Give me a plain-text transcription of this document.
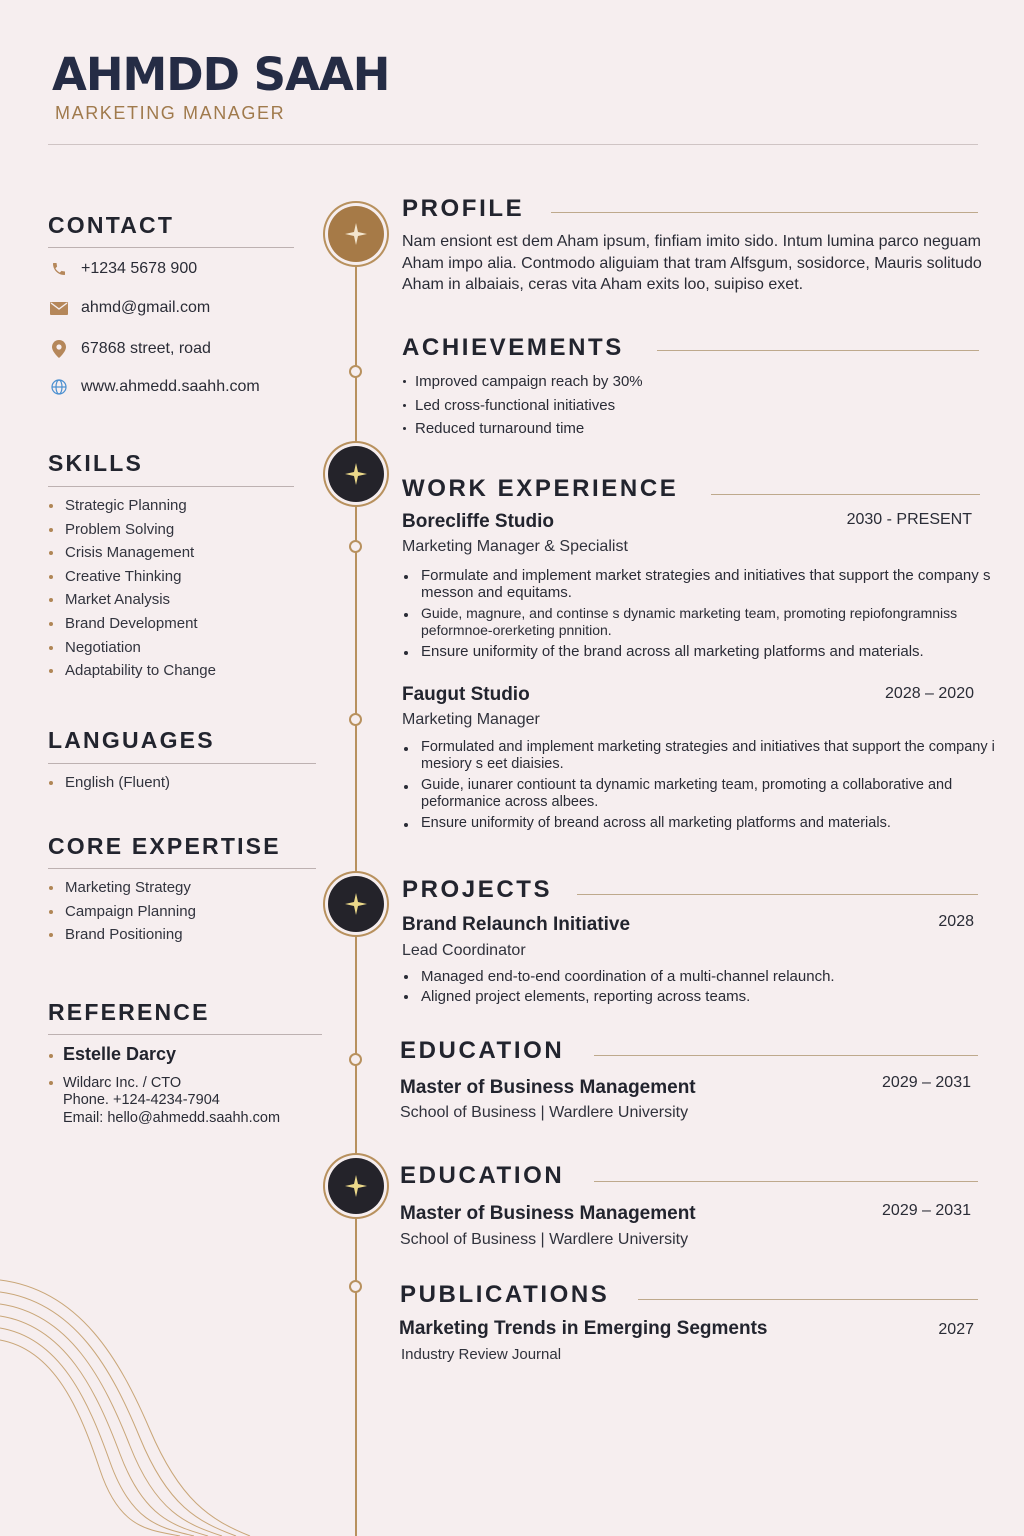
AHMDD SAAH
MARKETING MANAGER
CONTACT
+1234 5678 900
ahmd@gmail.com
67868 street, road
www.ahmedd.saahh.com
SKILLS
Strategic Planning
Problem Solving
Crisis Management
Creative Thinking
Market Analysis
Brand Development
Negotiation
Adaptability to Change
LANGUAGES
English (Fluent)
CORE EXPERTISE
Marketing Strategy
Campaign Planning
Brand Positioning
REFERENCE
Estelle Darcy
Wildarc Inc. / CTO
Phone. +124-4234-7904
Email: hello@ahmedd.saahh.com
PROFILE
Nam ensiont est dem Aham ipsum, finfiam imito sido. Intum lumina parco neguam Aham impo alia. Contmodo aliguiam that tram Alfsgum, sosidorce, Mauris solitudo Aham in albaiais, ceras vita Aham exits loo, suipiso exet.
ACHIEVEMENTS
Improved campaign reach by 30%
Led cross-functional initiatives
Reduced turnaround time
WORK EXPERIENCE
Borecliffe Studio	2030 - PRESENT
Marketing Manager & Specialist
Formulate and implement market strategies and initiatives that support the company s messon and equitams.
Guide, magnure, and continse s dynamic marketing team, promoting repiofongramniss peformnoe-orerketing pnnition.
Ensure uniformity of the brand across all marketing platforms and materials.
Faugut Studio	2028 – 2020
Marketing Manager
Formulated and implement marketing strategies and initiatives that support the company i mesiory s eet diaisies.
Guide, iunarer contiount ta dynamic marketing team, promoting a collaborative and peformanice across albees.
Ensure uniformity of breand across all marketing platforms and materials.
PROJECTS
Brand Relaunch Initiative	2028
Lead Coordinator
Managed end-to-end coordination of a multi-channel relaunch.
Aligned project elements, reporting across teams.
EDUCATION
Master of Business Management	2029 – 2031
School of Business | Wardlere University
EDUCATION
Master of Business Management	2029 – 2031
School of Business | Wardlere University
PUBLICATIONS
Marketing Trends in Emerging Segments	2027
Industry Review Journal
